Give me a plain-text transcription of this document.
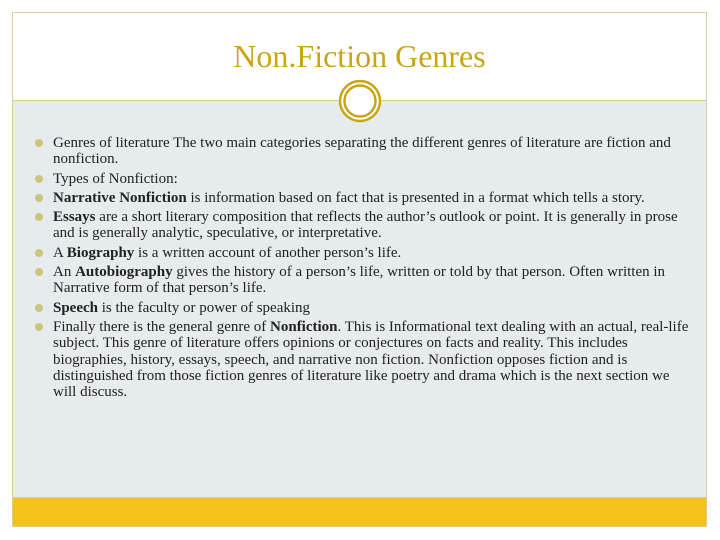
Non.Fiction Genres
Genres of literature The two main categories separating the different genres of literature are fiction and nonfiction.
Types of Nonfiction:
Narrative Nonfiction is information based on fact that is presented in a format which tells a story.
Essays are a short literary composition that reflects the author’s outlook or point. It is generally in prose and is generally analytic, speculative, or interpretative.
A Biography is a written account of another person’s life.
An Autobiography gives the history of a person’s life, written or told by that person. Often written in Narrative form of that person’s life.
Speech is the faculty or power of speaking
Finally there is the general genre of Nonfiction. This is Informational text dealing with an actual, real-life subject. This genre of literature offers opinions or conjectures on facts and reality. This includes biographies, history, essays, speech, and narrative non fiction. Nonfiction opposes fiction and is distinguished from those fiction genres of literature like poetry and drama which is the next section we will discuss.
